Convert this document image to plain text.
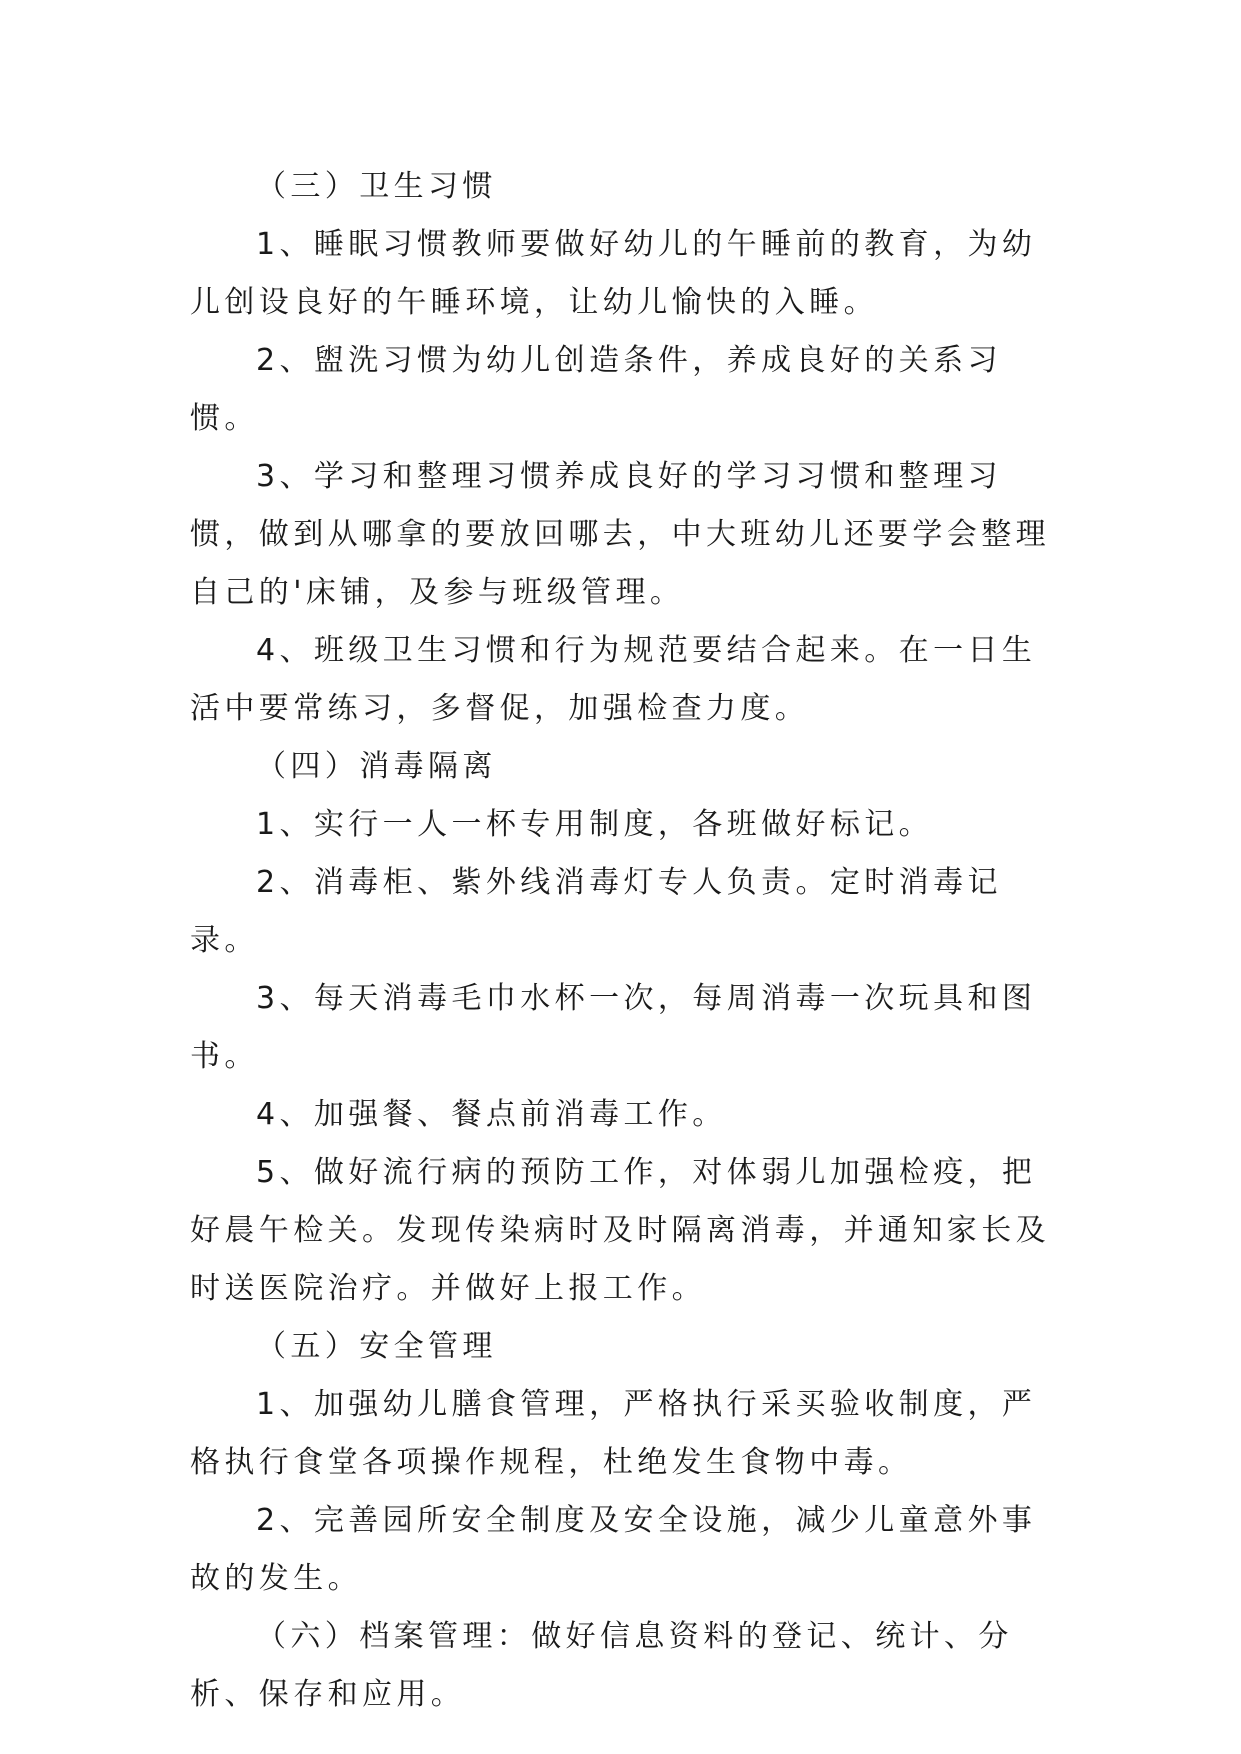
（三）卫生习惯

1、睡眠习惯教师要做好幼儿的午睡前的教育，为幼儿创设良好的午睡环境，让幼儿愉快的入睡。

2、盥洗习惯为幼儿创造条件，养成良好的关系习惯。

3、学习和整理习惯养成良好的学习习惯和整理习惯，做到从哪拿的要放回哪去，中大班幼儿还要学会整理自己的'床铺，及参与班级管理。

4、班级卫生习惯和行为规范要结合起来。在一日生活中要常练习，多督促，加强检查力度。

（四）消毒隔离

1、实行一人一杯专用制度，各班做好标记。

2、消毒柜、紫外线消毒灯专人负责。定时消毒记录。

3、每天消毒毛巾水杯一次，每周消毒一次玩具和图书。

4、加强餐、餐点前消毒工作。

5、做好流行病的预防工作，对体弱儿加强检疫，把好晨午检关。发现传染病时及时隔离消毒，并通知家长及时送医院治疗。并做好上报工作。

（五）安全管理

1、加强幼儿膳食管理，严格执行采买验收制度，严格执行食堂各项操作规程，杜绝发生食物中毒。

2、完善园所安全制度及安全设施，减少儿童意外事故的发生。

（六）档案管理：做好信息资料的登记、统计、分析、保存和应用。
